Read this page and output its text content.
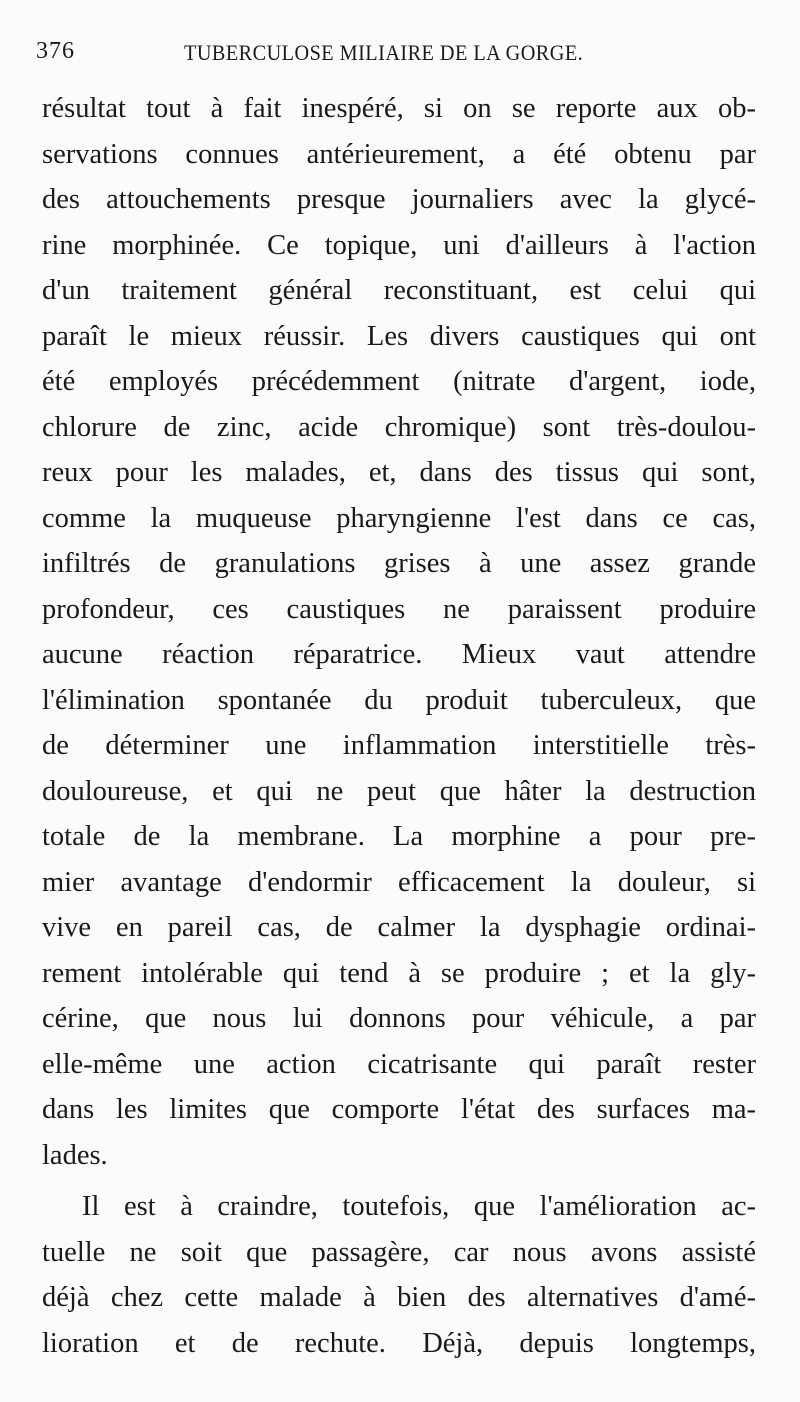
376	TUBERCULOSE MILIAIRE DE LA GORGE.
résultat tout à fait inespéré, si on se reporte aux ob-
servations connues antérieurement, a été obtenu par
des attouchements presque journaliers avec la glycé-
rine morphinée. Ce topique, uni d'ailleurs à l'action
d'un traitement général reconstituant, est celui qui
paraît le mieux réussir. Les divers caustiques qui ont
été employés précédemment (nitrate d'argent, iode,
chlorure de zinc, acide chromique) sont très-doulou-
reux pour les malades, et, dans des tissus qui sont,
comme la muqueuse pharyngienne l'est dans ce cas,
infiltrés de granulations grises à une assez grande
profondeur, ces caustiques ne paraissent produire
aucune réaction réparatrice. Mieux vaut attendre
l'élimination spontanée du produit tuberculeux, que
de déterminer une inflammation interstitielle très-
douloureuse, et qui ne peut que hâter la destruction
totale de la membrane. La morphine a pour pre-
mier avantage d'endormir efficacement la douleur, si
vive en pareil cas, de calmer la dysphagie ordinai-
rement intolérable qui tend à se produire ; et la gly-
cérine, que nous lui donnons pour véhicule, a par
elle-même une action cicatrisante qui paraît rester
dans les limites que comporte l'état des surfaces ma-
lades.
Il est à craindre, toutefois, que l'amélioration ac-
tuelle ne soit que passagère, car nous avons assisté
déjà chez cette malade à bien des alternatives d'amé-
lioration et de rechute. Déjà, depuis longtemps,
